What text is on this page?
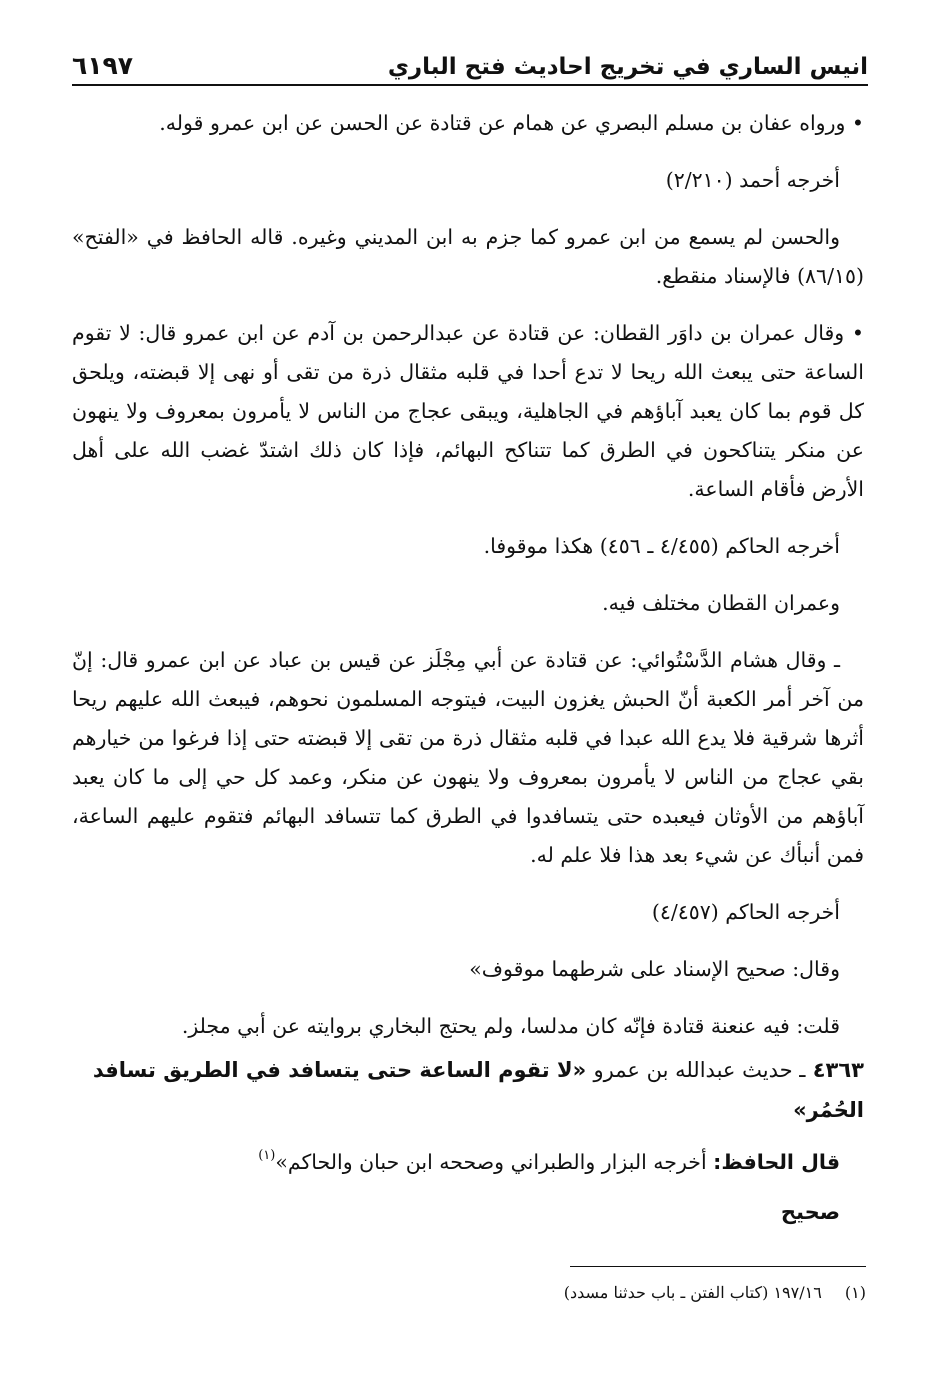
انيس الساري في تخريج احاديث فتح الباري
٦١٩٧

• ورواه عفان بن مسلم البصري عن همام عن قتادة عن الحسن عن ابن عمرو قوله.

أخرجه أحمد (٢/٢١٠)

والحسن لم يسمع من ابن عمرو كما جزم به ابن المديني وغيره. قاله الحافظ في «الفتح» (٨٦/١٥) فالإسناد منقطع.

• وقال عمران بن داوَر القطان: عن قتادة عن عبدالرحمن بن آدم عن ابن عمرو قال: لا تقوم الساعة حتى يبعث الله ريحا لا تدع أحدا في قلبه مثقال ذرة من تقى أو نهى إلا قبضته، ويلحق كل قوم بما كان يعبد آباؤهم في الجاهلية، ويبقى عجاج من الناس لا يأمرون بمعروف ولا ينهون عن منكر يتناكحون في الطرق كما تتناكح البهائم، فإذا كان ذلك اشتدّ غضب الله على أهل الأرض فأقام الساعة.

أخرجه الحاكم (٤/٤٥٥ ـ ٤٥٦) هكذا موقوفا.

وعمران القطان مختلف فيه.

ـ وقال هشام الدَّسْتُوائي: عن قتادة عن أبي مِجْلَز عن قيس بن عباد عن ابن عمرو قال: إنّ من آخر أمر الكعبة أنّ الحبش يغزون البيت، فيتوجه المسلمون نحوهم، فيبعث الله عليهم ريحا أثرها شرقية فلا يدع الله عبدا في قلبه مثقال ذرة من تقى إلا قبضته حتى إذا فرغوا من خيارهم بقي عجاج من الناس لا يأمرون بمعروف ولا ينهون عن منكر، وعمد كل حي إلى ما كان يعبد آباؤهم من الأوثان فيعبده حتى يتسافدوا في الطرق كما تتسافد البهائم فتقوم عليهم الساعة، فمن أنبأك عن شيء بعد هذا فلا علم له.

أخرجه الحاكم (٤/٤٥٧)

وقال: صحيح الإسناد على شرطهما موقوف»

قلت: فيه عنعنة قتادة فإنّه كان مدلسا، ولم يحتج البخاري بروايته عن أبي مجلز.

٤٣٦٣ ـ حديث عبدالله بن عمرو «لا تقوم الساعة حتى يتسافد في الطريق تسافد الحُمُر»

قال الحافظ: أخرجه البزار والطبراني وصححه ابن حبان والحاكم»$^{(١)}$

صحيح

(١) ١٩٧/١٦ (كتاب الفتن ـ باب حدثنا مسدد)
